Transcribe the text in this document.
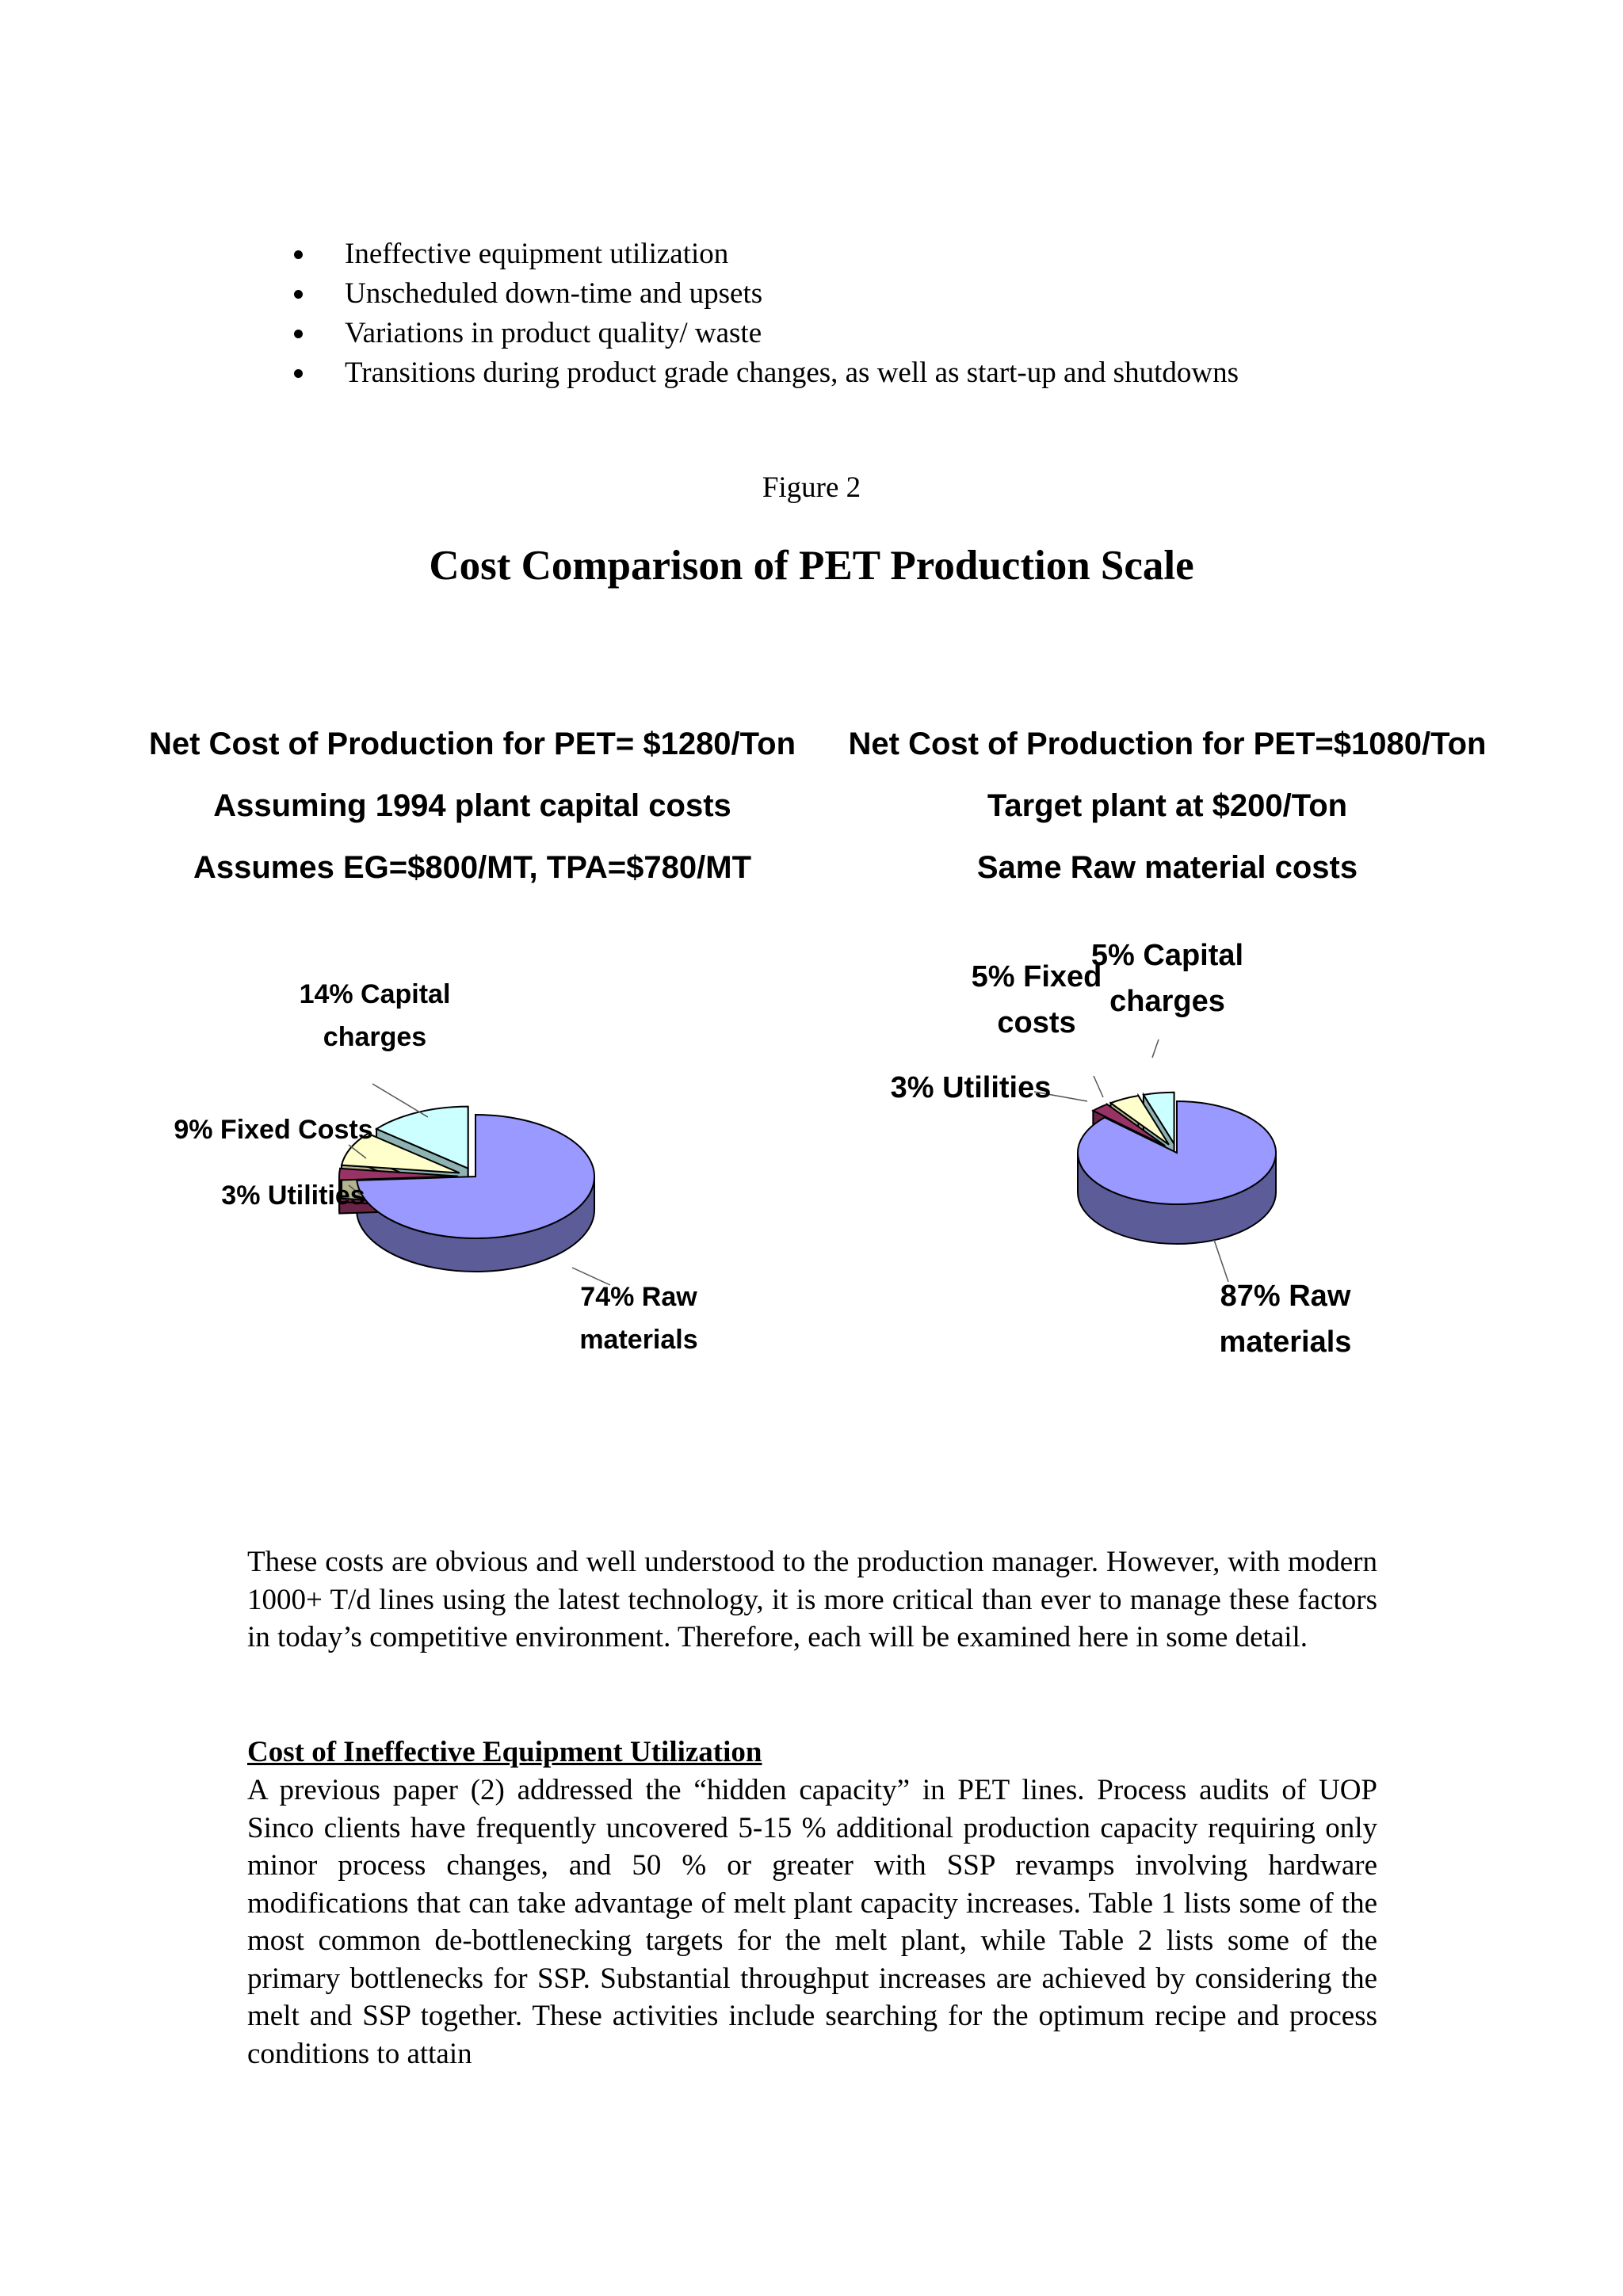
Ineffective equipment utilization
Unscheduled down-time and upsets
Variations in product quality/ waste
Transitions during product grade changes, as well as start-up and shutdowns
Figure 2
Cost Comparison of PET Production Scale
Net Cost of Production for PET= $1280/Ton
Assuming 1994 plant capital costs
Assumes EG=$800/MT, TPA=$780/MT
74% Raw
materials
3% Utilities
9% Fixed Costs
14% Capital
charges
Net Cost of Production for PET=$1080/Ton
Target plant at $200/Ton
Same Raw material costs
87% Raw
materials
3% Utilities
5% Fixed
costs
5% Capital
charges

These costs are obvious and well understood to the production manager. However, with modern 1000+ T/d lines using the latest technology, it is more critical than ever to manage these factors in today’s competitive environment. Therefore, each will be examined here in some detail.

Cost of Ineffective Equipment Utilization

A previous paper (2) addressed the “hidden capacity” in PET lines. Process audits of UOP Sinco clients have frequently uncovered 5-15 % additional production capacity requiring only minor process changes, and 50 % or greater with SSP revamps involving hardware modifications that can take advantage of melt plant capacity increases. Table 1 lists some of the most common de-bottlenecking targets for the melt plant, while Table 2 lists some of the primary bottlenecks for SSP. Substantial throughput increases are achieved by considering the melt and SSP together. These activities include searching for the optimum recipe and process conditions to attain
